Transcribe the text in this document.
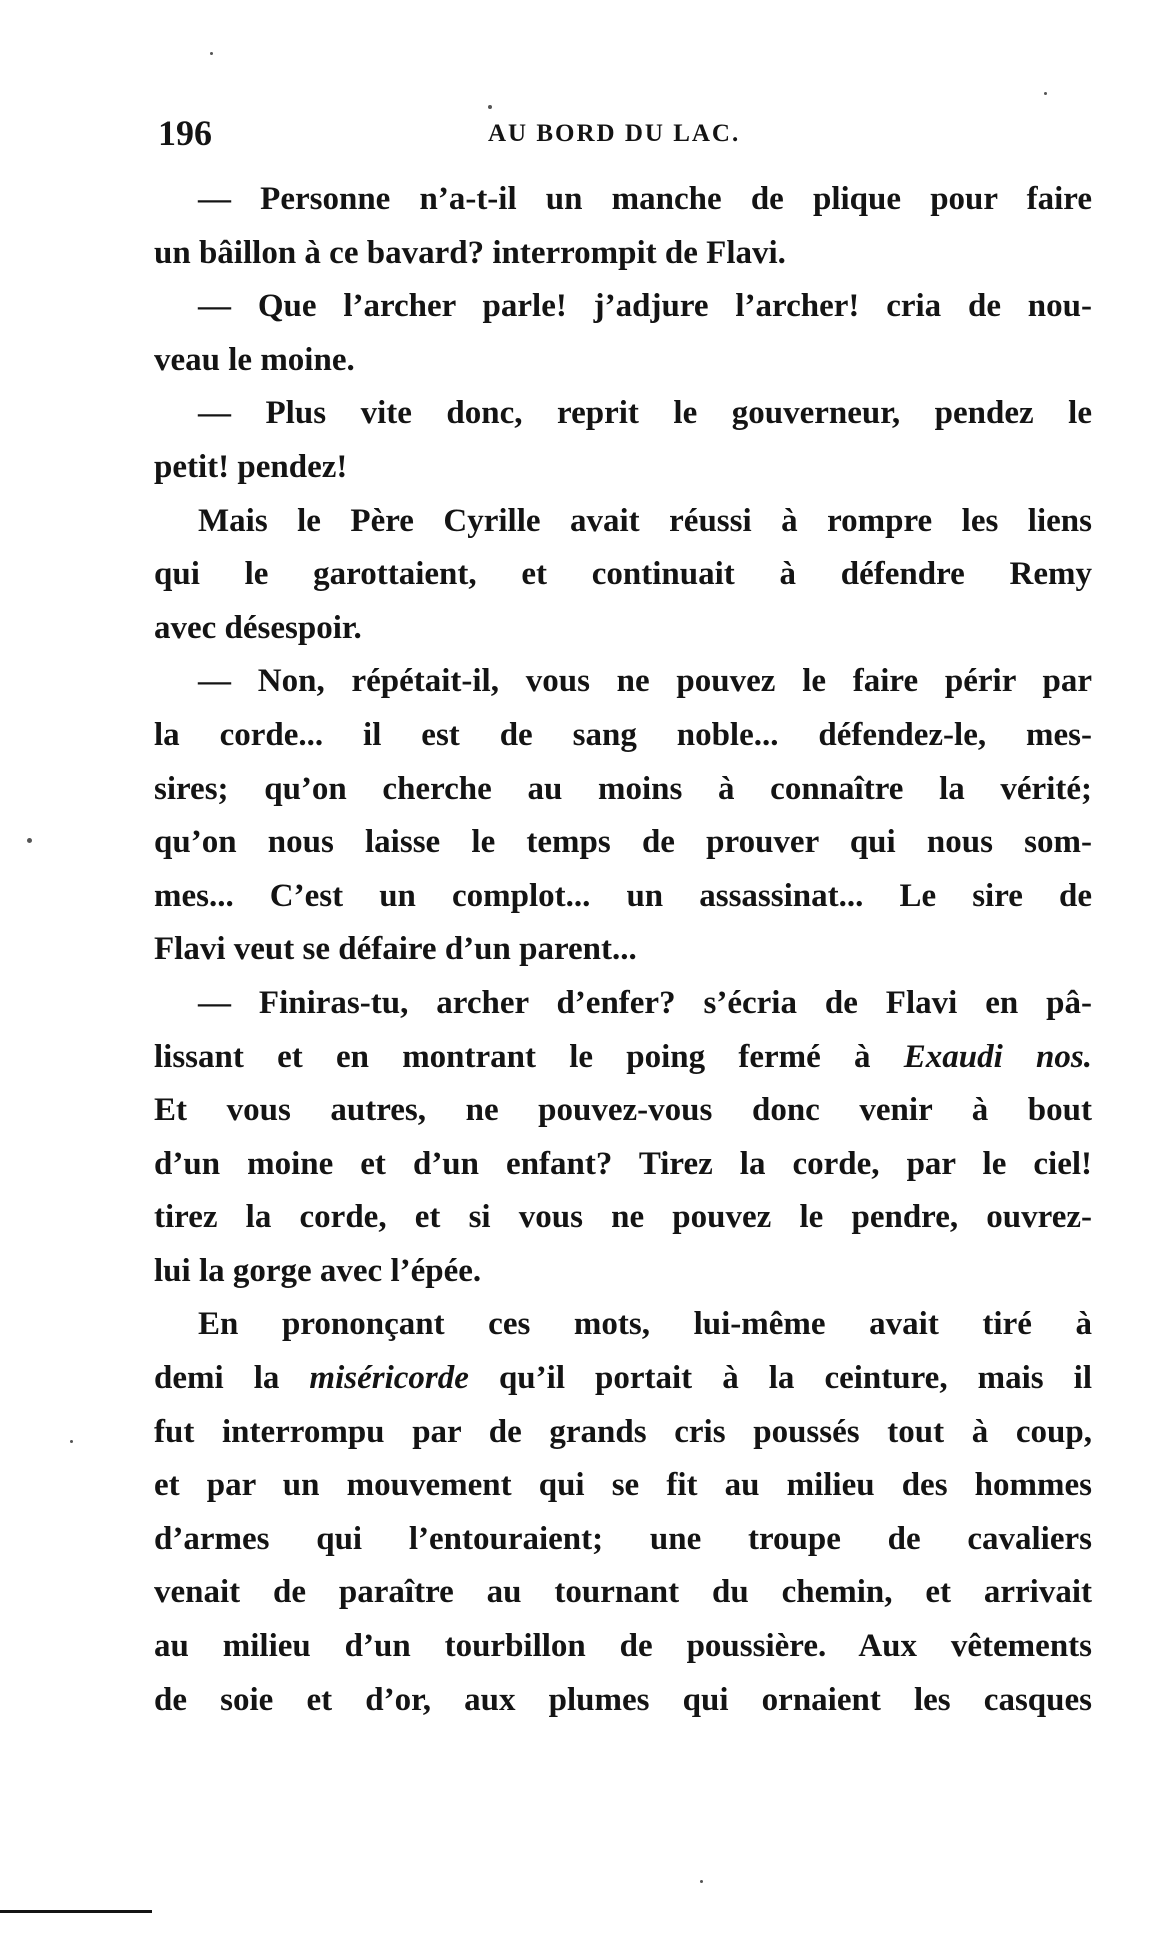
196	AU BORD DU LAC.
— Personne n’a-t-il un manche de plique pour faire
un bâillon à ce bavard? interrompit de Flavi.
— Que l’archer parle! j’adjure l’archer! cria de nou-
veau le moine.
— Plus vite donc, reprit le gouverneur, pendez le
petit! pendez!
Mais le Père Cyrille avait réussi à rompre les liens
qui le garottaient, et continuait à défendre Remy
avec désespoir.
— Non, répétait-il, vous ne pouvez le faire périr par
la corde... il est de sang noble... défendez-le, mes-
sires; qu’on cherche au moins à connaître la vérité;
qu’on nous laisse le temps de prouver qui nous som-
mes... C’est un complot... un assassinat... Le sire de
Flavi veut se défaire d’un parent...
— Finiras-tu, archer d’enfer? s’écria de Flavi en pâ-
lissant et en montrant le poing fermé à Exaudi nos.
Et vous autres, ne pouvez-vous donc venir à bout
d’un moine et d’un enfant? Tirez la corde, par le ciel!
tirez la corde, et si vous ne pouvez le pendre, ouvrez-
lui la gorge avec l’épée.
En prononçant ces mots, lui-même avait tiré à
demi la miséricorde qu’il portait à la ceinture, mais il
fut interrompu par de grands cris poussés tout à coup,
et par un mouvement qui se fit au milieu des hommes
d’armes qui l’entouraient; une troupe de cavaliers
venait de paraître au tournant du chemin, et arrivait
au milieu d’un tourbillon de poussière. Aux vêtements
de soie et d’or, aux plumes qui ornaient les casques
